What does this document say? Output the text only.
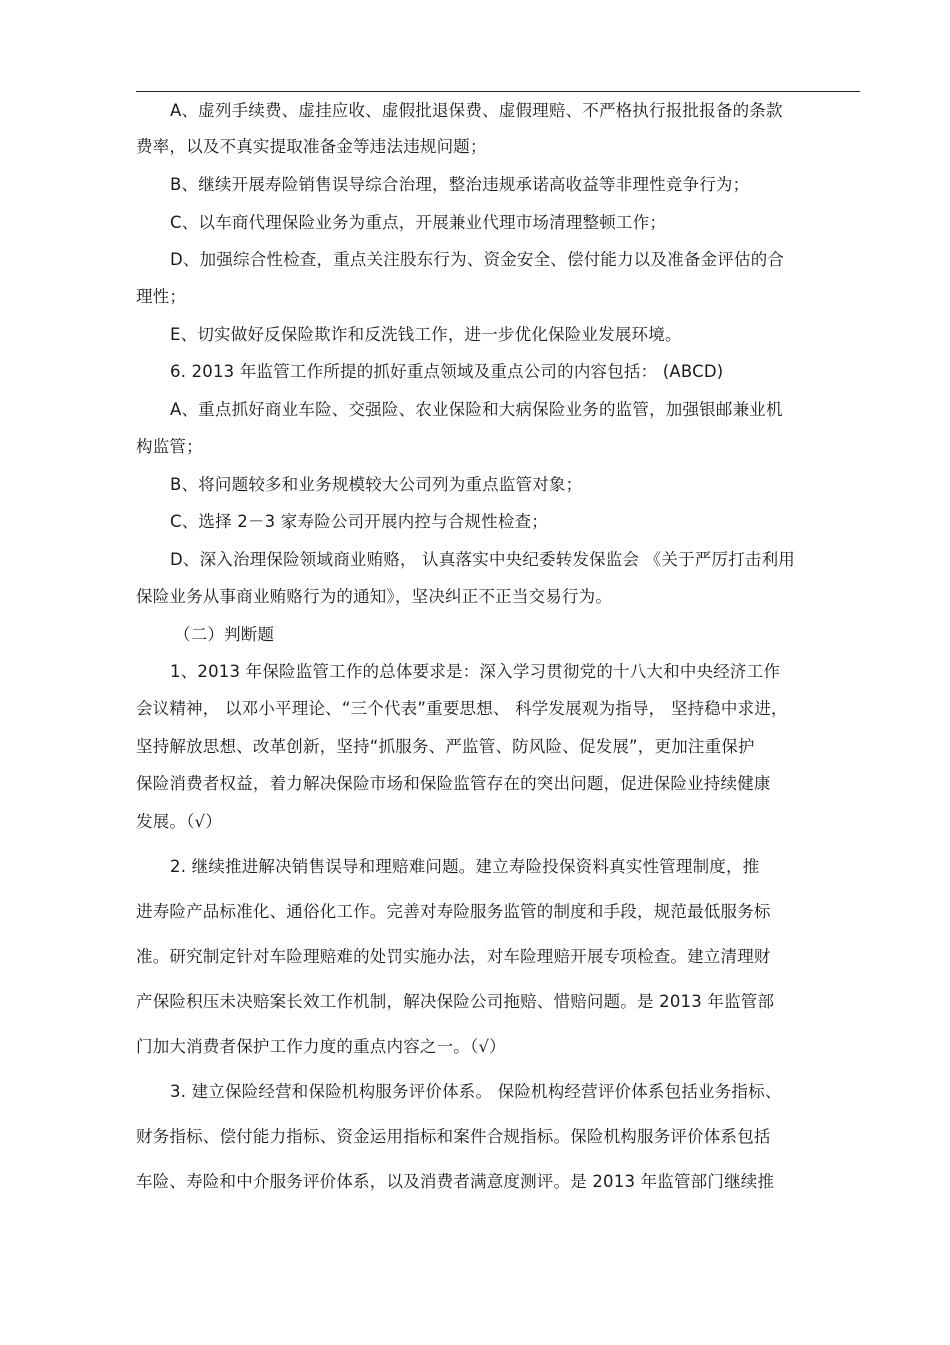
A、虚列手续费、虚挂应收、虚假批退保费、虚假理赔、不严格执行报批报备的条款
费率，以及不真实提取准备金等违法违规问题；
B、继续开展寿险销售误导综合治理，整治违规承诺高收益等非理性竞争行为；
C、以车商代理保险业务为重点，开展兼业代理市场清理整顿工作；
D、加强综合性检查，重点关注股东行为、资金安全、偿付能力以及准备金评估的合
理性；
E、切实做好反保险欺诈和反洗钱工作，进一步优化保险业发展环境。
6. 2013 年监管工作所提的抓好重点领域及重点公司的内容包括： (ABCD)
A、重点抓好商业车险、交强险、农业保险和大病保险业务的监管，加强银邮兼业机
构监管；
B、将问题较多和业务规模较大公司列为重点监管对象；
C、选择 2－3 家寿险公司开展内控与合规性检查；
D、深入治理保险领域商业贿赂， 认真落实中央纪委转发保监会 《关于严厉打击利用
保险业务从事商业贿赂行为的通知》，坚决纠正不正当交易行为。
（二）判断题
1、2013 年保险监管工作的总体要求是：深入学习贯彻党的十八大和中央经济工作
会议精神， 以邓小平理论、“三个代表”重要思想、 科学发展观为指导， 坚持稳中求进，
坚持解放思想、改革创新，坚持“抓服务、严监管、防风险、促发展”，更加注重保护
保险消费者权益，着力解决保险市场和保险监管存在的突出问题，促进保险业持续健康
发展。（√）
2. 继续推进解决销售误导和理赔难问题。建立寿险投保资料真实性管理制度，推
进寿险产品标准化、通俗化工作。完善对寿险服务监管的制度和手段，规范最低服务标
准。研究制定针对车险理赔难的处罚实施办法，对车险理赔开展专项检查。建立清理财
产保险积压未决赔案长效工作机制，解决保险公司拖赔、惜赔问题。是 2013 年监管部
门加大消费者保护工作力度的重点内容之一。（√）
3. 建立保险经营和保险机构服务评价体系。 保险机构经营评价体系包括业务指标、
财务指标、偿付能力指标、资金运用指标和案件合规指标。保险机构服务评价体系包括
车险、寿险和中介服务评价体系，以及消费者满意度测评。是 2013 年监管部门继续推
